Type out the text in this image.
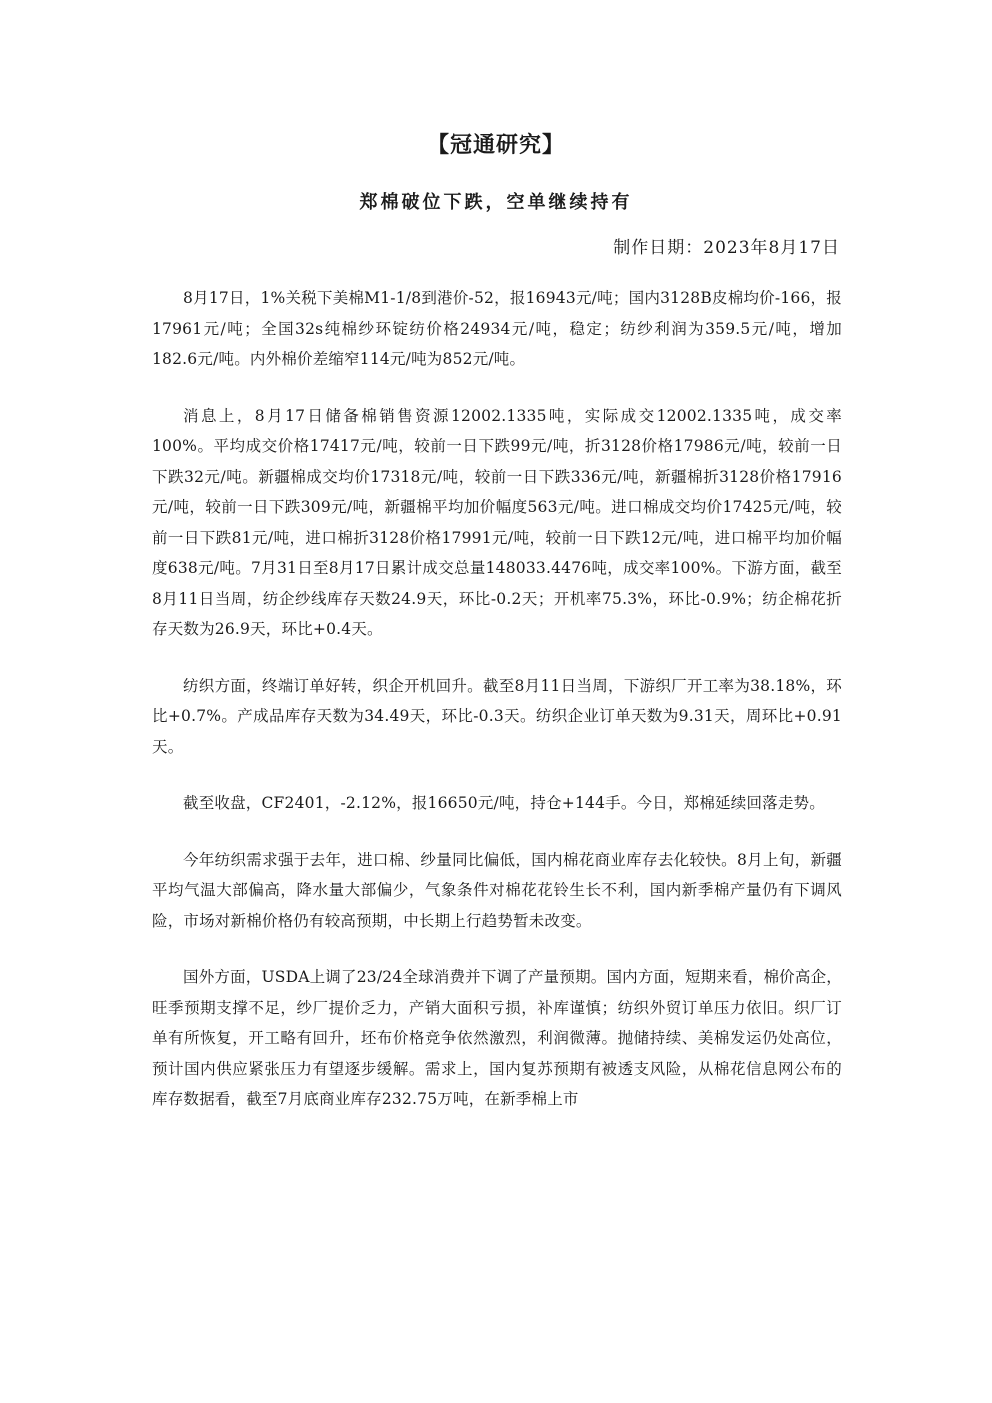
【冠通研究】
郑棉破位下跌，空单继续持有
制作日期：2023年8月17日

8月17日，1%关税下美棉M1-1/8到港价-52，报16943元/吨；国内3128B皮棉均价-166，报17961元/吨；全国32s纯棉纱环锭纺价格24934元/吨，稳定；纺纱利润为359.5元/吨，增加182.6元/吨。内外棉价差缩窄114元/吨为852元/吨。

消息上，8月17日储备棉销售资源12002.1335吨，实际成交12002.1335吨，成交率100%。平均成交价格17417元/吨，较前一日下跌99元/吨，折3128价格17986元/吨，较前一日下跌32元/吨。新疆棉成交均价17318元/吨，较前一日下跌336元/吨，新疆棉折3128价格17916元/吨，较前一日下跌309元/吨，新疆棉平均加价幅度563元/吨。进口棉成交均价17425元/吨，较前一日下跌81元/吨，进口棉折3128价格17991元/吨，较前一日下跌12元/吨，进口棉平均加价幅度638元/吨。7月31日至8月17日累计成交总量148033.4476吨，成交率100%。下游方面，截至8月11日当周，纺企纱线库存天数24.9天，环比-0.2天；开机率75.3%，环比-0.9%；纺企棉花折存天数为26.9天，环比+0.4天。

纺织方面，终端订单好转，织企开机回升。截至8月11日当周，下游织厂开工率为38.18%，环比+0.7%。产成品库存天数为34.49天，环比-0.3天。纺织企业订单天数为9.31天，周环比+0.91天。

截至收盘，CF2401，-2.12%，报16650元/吨，持仓+144手。今日，郑棉延续回落走势。

今年纺织需求强于去年，进口棉、纱量同比偏低，国内棉花商业库存去化较快。8月上旬，新疆平均气温大部偏高，降水量大部偏少，气象条件对棉花花铃生长不利，国内新季棉产量仍有下调风险，市场对新棉价格仍有较高预期，中长期上行趋势暂未改变。

国外方面，USDA上调了23/24全球消费并下调了产量预期。国内方面，短期来看，棉价高企，旺季预期支撑不足，纱厂提价乏力，产销大面积亏损，补库谨慎；纺织外贸订单压力依旧。织厂订单有所恢复，开工略有回升，坯布价格竞争依然激烈，利润微薄。抛储持续、美棉发运仍处高位，预计国内供应紧张压力有望逐步缓解。需求上，国内复苏预期有被透支风险，从棉花信息网公布的库存数据看，截至7月底商业库存232.75万吨，在新季棉上市
